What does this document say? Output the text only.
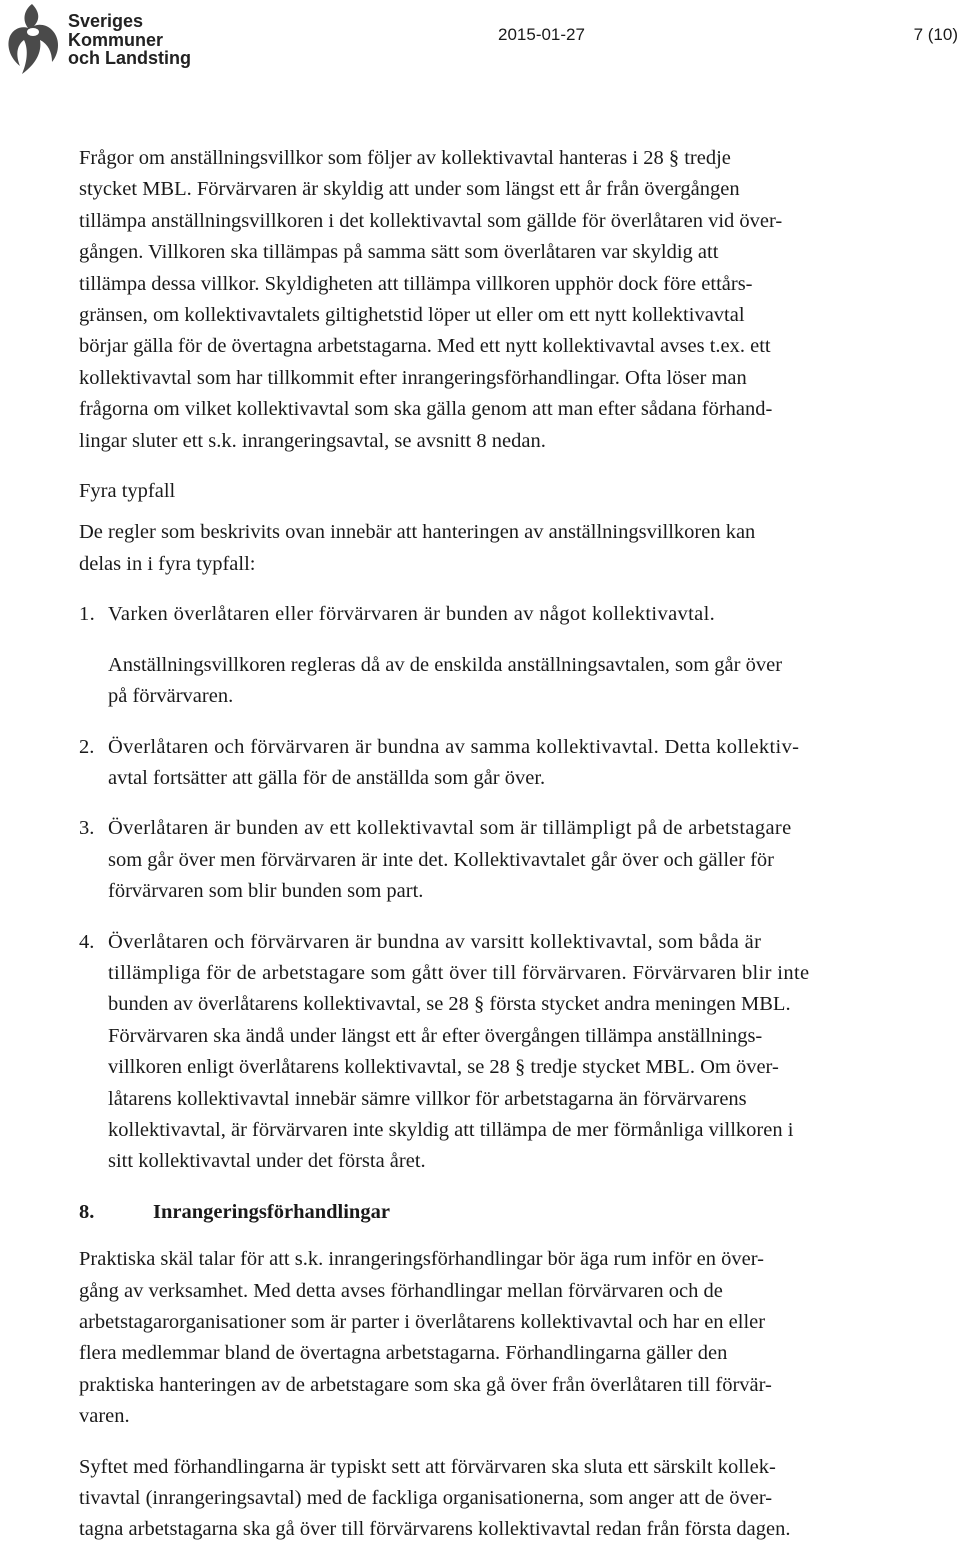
Sveriges
Kommuner
och Landsting
2015-01-27	7 (10)
Frågor om anställningsvillkor som följer av kollektivavtal hanteras i 28 § tredje
stycket MBL. Förvärvaren är skyldig att under som längst ett år från övergången
tillämpa anställningsvillkoren i det kollektivavtal som gällde för överlåtaren vid över-
gången. Villkoren ska tillämpas på samma sätt som överlåtaren var skyldig att
tillämpa dessa villkor. Skyldigheten att tillämpa villkoren upphör dock före ettårs-
gränsen, om kollektivavtalets giltighetstid löper ut eller om ett nytt kollektivavtal
börjar gälla för de övertagna arbetstagarna. Med ett nytt kollektivavtal avses t.ex. ett
kollektivavtal som har tillkommit efter inrangeringsförhandlingar. Ofta löser man
frågorna om vilket kollektivavtal som ska gälla genom att man efter sådana förhand-
lingar sluter ett s.k. inrangeringsavtal, se avsnitt 8 nedan.
Fyra typfall
De regler som beskrivits ovan innebär att hanteringen av anställningsvillkoren kan
delas in i fyra typfall:
1. Varken överlåtaren eller förvärvaren är bunden av något kollektivavtal.
Anställningsvillkoren regleras då av de enskilda anställningsavtalen, som går över
på förvärvaren.
2. Överlåtaren och förvärvaren är bundna av samma kollektivavtal. Detta kollektiv-
avtal fortsätter att gälla för de anställda som går över.
3. Överlåtaren är bunden av ett kollektivavtal som är tillämpligt på de arbetstagare
som går över men förvärvaren är inte det. Kollektivavtalet går över och gäller för
förvärvaren som blir bunden som part.
4. Överlåtaren och förvärvaren är bundna av varsitt kollektivavtal, som båda är
tillämpliga för de arbetstagare som gått över till förvärvaren. Förvärvaren blir inte
bunden av överlåtarens kollektivavtal, se 28 § första stycket andra meningen MBL.
Förvärvaren ska ändå under längst ett år efter övergången tillämpa anställnings-
villkoren enligt överlåtarens kollektivavtal, se 28 § tredje stycket MBL. Om över-
låtarens kollektivavtal innebär sämre villkor för arbetstagarna än förvärvarens
kollektivavtal, är förvärvaren inte skyldig att tillämpa de mer förmånliga villkoren i
sitt kollektivavtal under det första året.
8.	Inrangeringsförhandlingar
Praktiska skäl talar för att s.k. inrangeringsförhandlingar bör äga rum inför en över-
gång av verksamhet. Med detta avses förhandlingar mellan förvärvaren och de
arbetstagarorganisationer som är parter i överlåtarens kollektivavtal och har en eller
flera medlemmar bland de övertagna arbetstagarna. Förhandlingarna gäller den
praktiska hanteringen av de arbetstagare som ska gå över från överlåtaren till förvär-
varen.
Syftet med förhandlingarna är typiskt sett att förvärvaren ska sluta ett särskilt kollek-
tivavtal (inrangeringsavtal) med de fackliga organisationerna, som anger att de över-
tagna arbetstagarna ska gå över till förvärvarens kollektivavtal redan från första dagen.
